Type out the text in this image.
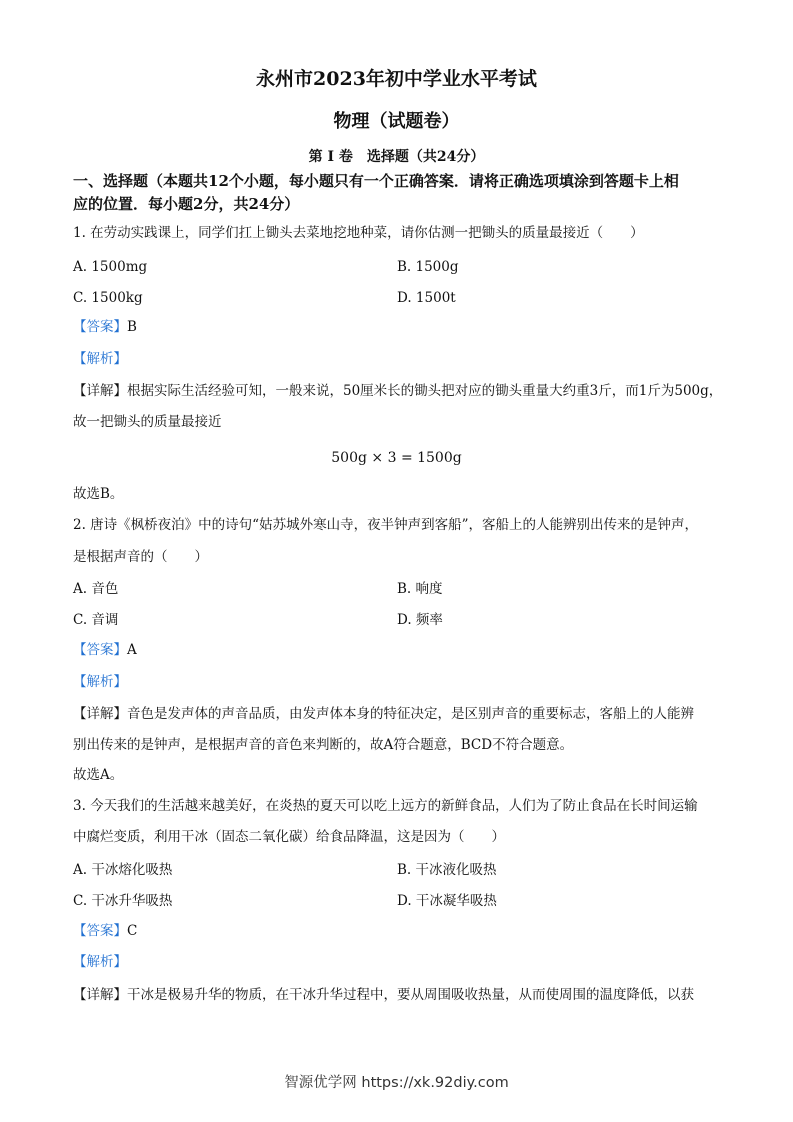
永州市2023年初中学业水平考试
物理（试题卷）
第 I 卷　选择题（共24分）
一、选择题（本题共12个小题，每小题只有一个正确答案．请将正确选项填涂到答题卡上相
应的位置．每小题2分，共24分）
1. 在劳动实践课上，同学们扛上锄头去菜地挖地种菜，请你估测一把锄头的质量最接近（　　）
A. 1500mg	B. 1500g
C. 1500kg	D. 1500t
【答案】B
【解析】
【详解】根据实际生活经验可知，一般来说，50厘米长的锄头把对应的锄头重量大约重3斤，而1斤为500g，
故一把锄头的质量最接近
500g × 3 = 1500g
故选B。
2. 唐诗《枫桥夜泊》中的诗句“姑苏城外寒山寺，夜半钟声到客船”，客船上的人能辨别出传来的是钟声，
是根据声音的（　　）
A. 音色	B. 响度
C. 音调	D. 频率
【答案】A
【解析】
【详解】音色是发声体的声音品质，由发声体本身的特征决定，是区别声音的重要标志，客船上的人能辨
别出传来的是钟声，是根据声音的音色来判断的，故A符合题意，BCD不符合题意。
故选A。
3. 今天我们的生活越来越美好，在炎热的夏天可以吃上远方的新鲜食品，人们为了防止食品在长时间运输
中腐烂变质，利用干冰（固态二氧化碳）给食品降温，这是因为（　　）
A. 干冰熔化吸热	B. 干冰液化吸热
C. 干冰升华吸热	D. 干冰凝华吸热
【答案】C
【解析】
【详解】干冰是极易升华的物质，在干冰升华过程中，要从周围吸收热量，从而使周围的温度降低，以获
智源优学网 https://xk.92diy.com
